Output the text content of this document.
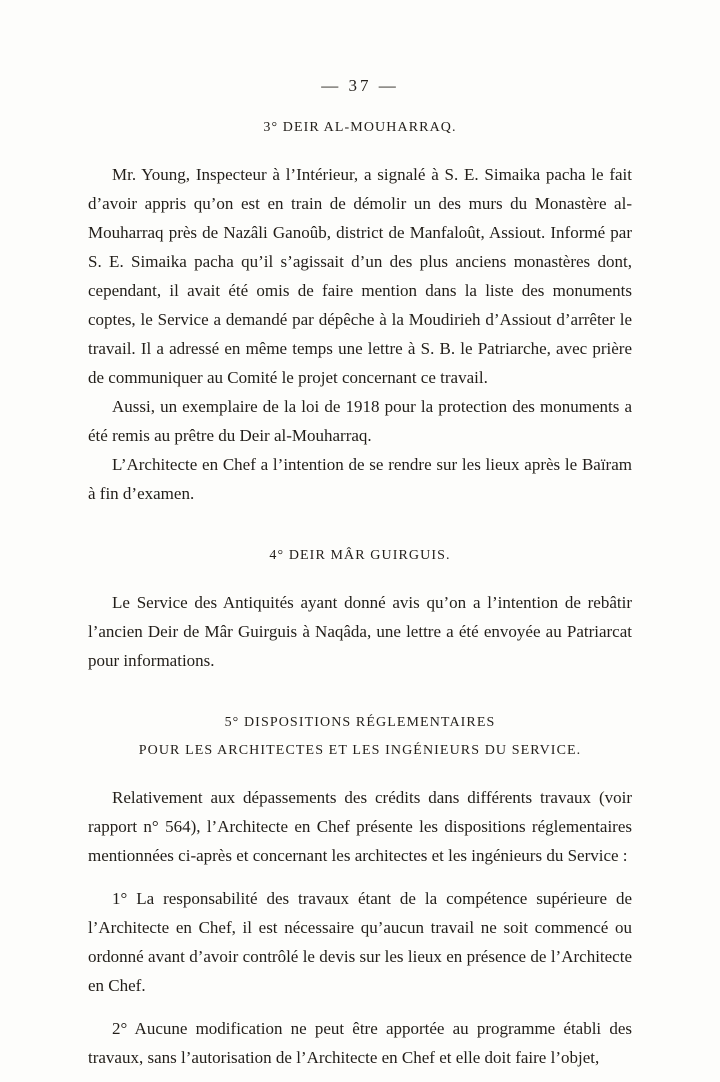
— 37 —
3° DEIR AL-MOUHARRAQ.

Mr. Young, Inspecteur à l’Intérieur, a signalé à S. E. Simaika pacha le fait d’avoir appris qu’on est en train de démolir un des murs du Monastère al-Mouharraq près de Nazâli Ganoûb, district de Manfaloût, Assiout. Informé par S. E. Simaika pacha qu’il s’agissait d’un des plus anciens monastères dont, cependant, il avait été omis de faire mention dans la liste des monuments coptes, le Service a demandé par dépêche à la Moudirieh d’Assiout d’arrêter le travail. Il a adressé en même temps une lettre à S. B. le Patriarche, avec prière de communiquer au Comité le projet concernant ce travail.

Aussi, un exemplaire de la loi de 1918 pour la protection des monuments a été remis au prêtre du Deir al-Mouharraq.

L’Architecte en Chef a l’intention de se rendre sur les lieux après le Baïram à fin d’examen.

4° DEIR MÂR GUIRGUIS.

Le Service des Antiquités ayant donné avis qu’on a l’intention de rebâtir l’ancien Deir de Mâr Guirguis à Naqâda, une lettre a été envoyée au Patriarcat pour informations.

5° DISPOSITIONS RÉGLEMENTAIRES
POUR LES ARCHITECTES ET LES INGÉNIEURS DU SERVICE.

Relativement aux dépassements des crédits dans différents travaux (voir rapport n° 564), l’Architecte en Chef présente les dispositions réglementaires mentionnées ci-après et concernant les architectes et les ingénieurs du Service :

1° La responsabilité des travaux étant de la compétence supérieure de l’Architecte en Chef, il est nécessaire qu’aucun travail ne soit commencé ou ordonné avant d’avoir contrôlé le devis sur les lieux en présence de l’Architecte en Chef.

2° Aucune modification ne peut être apportée au programme établi des travaux, sans l’autorisation de l’Architecte en Chef et elle doit faire l’objet,
